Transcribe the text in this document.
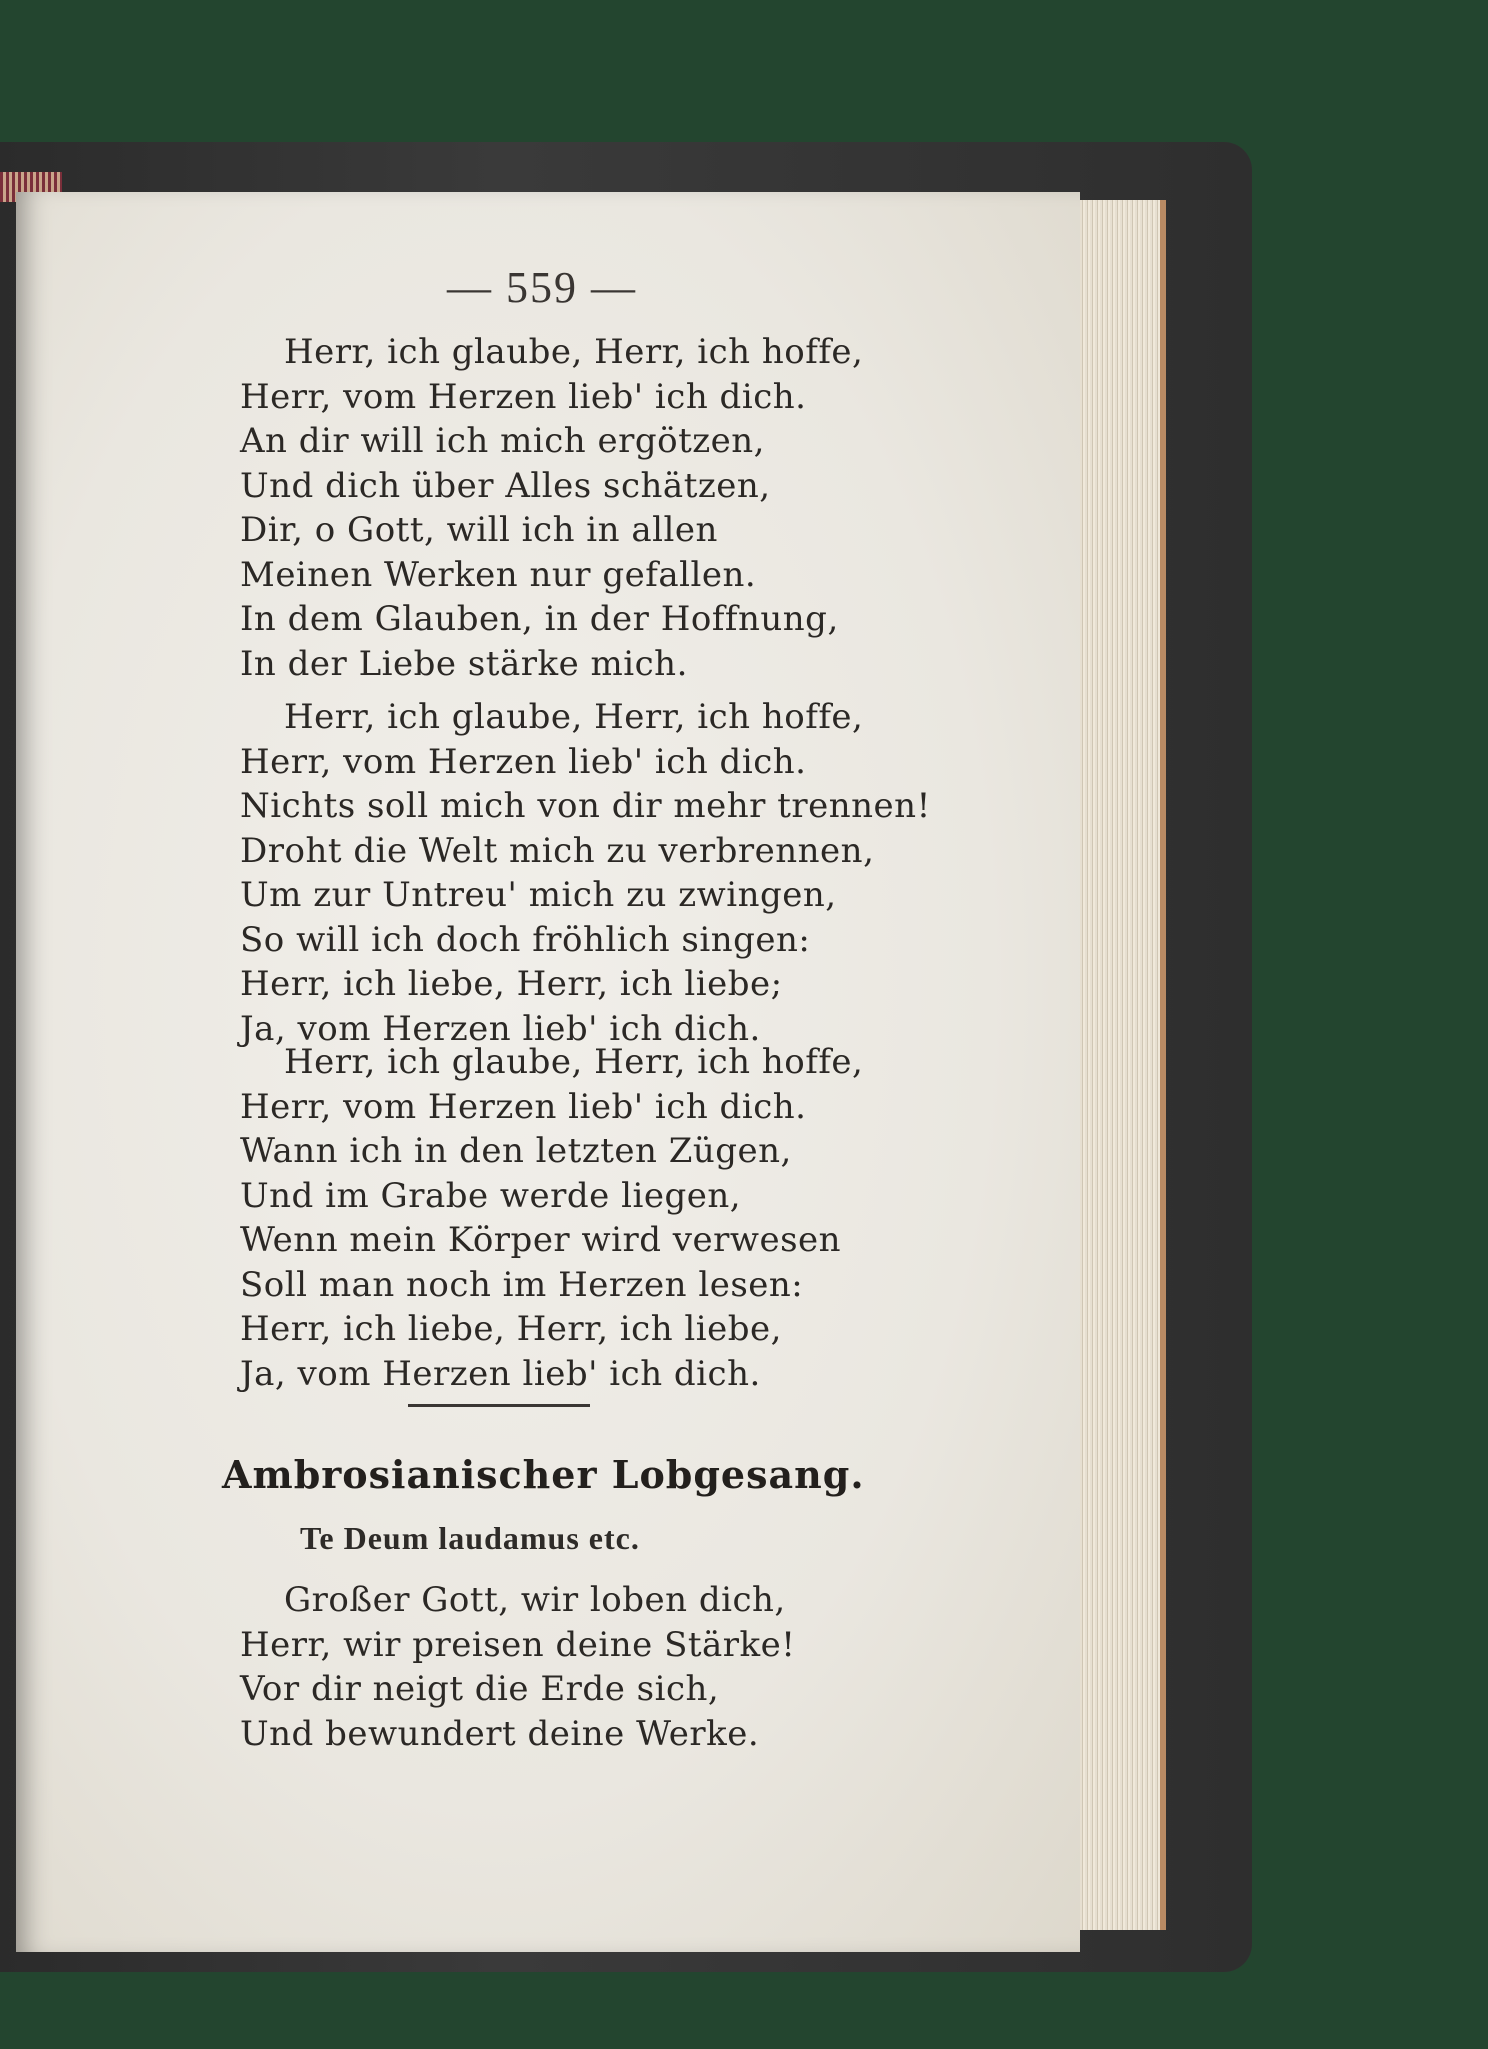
— 559 —
Herr, ich glaube, Herr, ich hoffe,
Herr, vom Herzen lieb' ich dich.
An dir will ich mich ergötzen,
Und dich über Alles schätzen,
Dir, o Gott, will ich in allen
Meinen Werken nur gefallen.
In dem Glauben, in der Hoffnung,
In der Liebe stärke mich.
Herr, ich glaube, Herr, ich hoffe,
Herr, vom Herzen lieb' ich dich.
Nichts soll mich von dir mehr trennen!
Droht die Welt mich zu verbrennen,
Um zur Untreu' mich zu zwingen,
So will ich doch fröhlich singen:
Herr, ich liebe, Herr, ich liebe;
Ja, vom Herzen lieb' ich dich.
Herr, ich glaube, Herr, ich hoffe,
Herr, vom Herzen lieb' ich dich.
Wann ich in den letzten Zügen,
Und im Grabe werde liegen,
Wenn mein Körper wird verwesen
Soll man noch im Herzen lesen:
Herr, ich liebe, Herr, ich liebe,
Ja, vom Herzen lieb' ich dich.
Ambrosianischer Lobgesang.
Te Deum laudamus etc.
Großer Gott, wir loben dich,
Herr, wir preisen deine Stärke!
Vor dir neigt die Erde sich,
Und bewundert deine Werke.
